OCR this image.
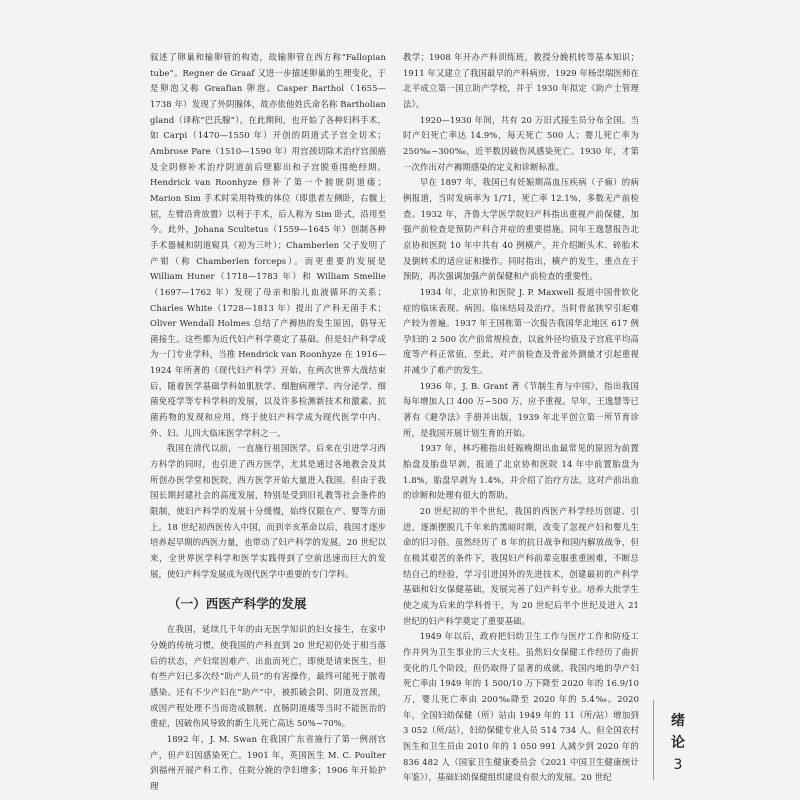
叙述了卵巢和输卵管的构造，故输卵管在西方称“Fallopian tube”。Regner de Graaf 又进一步描述卵巢的生理变化，于是卵泡又称 Graafian 卵泡。Casper Barthol（1655—1738 年）发现了外阴腺体，故亦依他姓氏命名称 Bartholian gland（译称“巴氏腺”）。在此期间，也开始了各种妇科手术，如 Carpi（1470—1550 年）开创的阴道式子宫全切术；Ambrose Pare（1510—1590 年）用宫颈切除术治疗宫颈癌及全阴修补术治疗阴道前后壁膨出和子宫脱垂围绝经期。Hendrick van Roonhyze 修补了第一个膀胱阴道瘘；Marion Sim 手术时采用特殊的体位（即患者左侧卧，右髋上屈，左臂沿背放置）以利于手术，后人称为 Sim 卧式，沿用至今。此外，Johana Scultetus（1559—1645 年）创制各种手术器械和阴道窥具（初为三叶）；Chamberlen 父子发明了产钳（称 Chamberlen forceps）。而更重要的发展是 William Huner（1718—1783 年）和 William Smellie（1697—1762 年）发现了母亲和胎儿血液循环的关系；Charles White（1728—1813 年）提出了产科无菌手术；Oliver Wendall Holmes 总结了产褥热的发生原因，倡导无菌接生。这些都为近代妇产科学奠定了基础。但是妇产科学成为一门专业学科，当推 Hendrick van Roonhyze 在 1916—1924 年所著的《现代妇产科学》开始。在两次世界大战结束后，随着医学基础学科如肌肤学、细胞病理学、内分泌学、细菌免疫学等专科学科的发展，以及许多检测新技术和激素、抗菌药物的发现和应用，终于使妇产科学成为现代医学中内、外、妇、儿四大临床医学学科之一。

我国在清代以前，一直施行祖国医学。后来在引进学习西方科学的同时，也引进了西方医学，尤其是通过各地教会及其所创办医学堂和医院，西方医学开始大量进入我国。但由于我国长期封建社会的高度发展，特别是受到旧礼教等社会条件的限制，使妇产科学的发展十分缓慢，始终仅限在产、婴等方面上。18 世纪初西医传入中国，而到辛亥革命以后，我国才逐步培养起早期的西医力量，也带动了妇产科学的发展。20 世纪以来，全世界医学科学和医学实践得到了空前迅速而巨大的发展，使妇产科学发展成为现代医学中重要的专门学科。

（一）西医产科学的发展

在我国，延续几千年的由无医学知识的妇女接生，在家中分娩的传统习惯，使我国的产科直到 20 世纪初仍处于相当落后的状态，产妇常因难产、出血而死亡，即使是请来医生，但有些产妇已多次经“助产人员”的有害操作，最终可能死于脓毒感染。还有不少产妇在“助产”中，被抓破会阴、阴道及宫颈，或因产程处理不当而造成膀胱、直肠阴道瘘等当时不能医治的重症，因破伤风导致的新生儿死亡高达 50%~70%。

1892 年，J. M. Swan 在我国广东省施行了第一例剖宫产，但产妇因感染死亡。1901 年，英国医生 M. C. Poulter 到福州开展产科工作，住院分娩的孕妇增多；1906 年开始护理

教学；1908 年开办产科训练班，教授分娩机转等基本知识；1911 年又建立了我国最早的产科病房。1929 年杨崇瑞医师在北平成立第一国立助产学校，并于 1930 年拟定《助产士管理法》。

1920—1930 年间，共有 20 万旧式接生员分布全国。当时产妇死亡率达 14.9%，每天死亡 500 人；婴儿死亡率为 250‰~300‰，近半数因破伤风感染死亡。1930 年，才第一次作出对产褥期感染的定义和诊断标准。

早在 1897 年，我国已有妊娠期高血压疾病（子痫）的病例报道，当时发病率为 1/71，死亡率 12.1%，多数无产前检查。1932 年，齐鲁大学医学院妇产科指出重视产前保健，加强产前检查是预防产科合并症的重要措施。同年王逸慧报告北京协和医院 10 年中共有 40 例横产，并介绍断头术、碎胎术及倒转术的适应证和操作。同时指出，横产的发生，重点在于预防，再次强调加强产前保健和产前检查的重要性。

1934 年，北京协和医院 J. P. Maxwell 报道中国骨软化症的临床表现、病因、临床结局及治疗，当时骨盆狭窄引起难产较为普遍。1937 年王国栋第一次报告我国华北地区 617 例孕妇的 2 500 次产前常规检查，以盆外径均值及子宫底平均高度等产科正常值，至此，对产前检查及骨盆外测量才引起重视并减少了难产的发生。

1936 年，J. B. Grant 著《节制生育与中国》，指出我国每年增加人口 400 万~500 万，应予重视。早年，王逸慧等已著有《避孕法》手册并出版，1939 年北平创立第一所节育诊所，是我国开展计划生育的开始。

1937 年，林巧稚指出妊娠晚期出血最常见的原因为前置胎盘及胎盘早剥，报道了北京协和医院 14 年中前置胎盘为 1.8%，胎盘早剥为 1.4%，并介绍了治疗方法。这对产前出血的诊断和处理有很大的帮助。

20 世纪初的半个世纪，我国的西医产科学经历创建、引进，逐渐摆脱几千年来的黑暗时期，改变了忽视产妇和婴儿生命的旧习俗。虽然经历了 8 年的抗日战争和国内解放战争，但在极其艰苦的条件下，我国妇产科前辈克服重重困难，不断总结自己的经验，学习引进国外的先进技术，创建最初的产科学基础和妇女保健基础，发展完善了妇产科专业。培养大批学生使之成为后来的学科骨干，为 20 世纪后半个世纪及进入 21 世纪的妇产科学奠定了重要基础。

1949 年以后，政府把妇幼卫生工作与医疗工作和防疫工作并列为卫生事业的三大支柱。虽然妇女保健工作经历了曲折变化的几个阶段，但仍取得了显著的成就，我国内地的孕产妇死亡率由 1949 年的 1 500/10 万下降至 2020 年的 16.9/10 万，婴儿死亡率由 200‰降至 2020 年的 5.4‰。2020 年，全国妇幼保健（所）站由 1949 年的 11（所/站）增加到 3 052（所/站），妇幼保健专业人员 514 734 人。但全国农村医生和卫生员由 2010 年的 1 050 991 人减少到 2020 年的 836 482 人（国家卫生健康委员会《2021 中国卫生健康统计年鉴》），基础妇幼保健组织建设有很大的发展。20 世纪

绪
论
3
